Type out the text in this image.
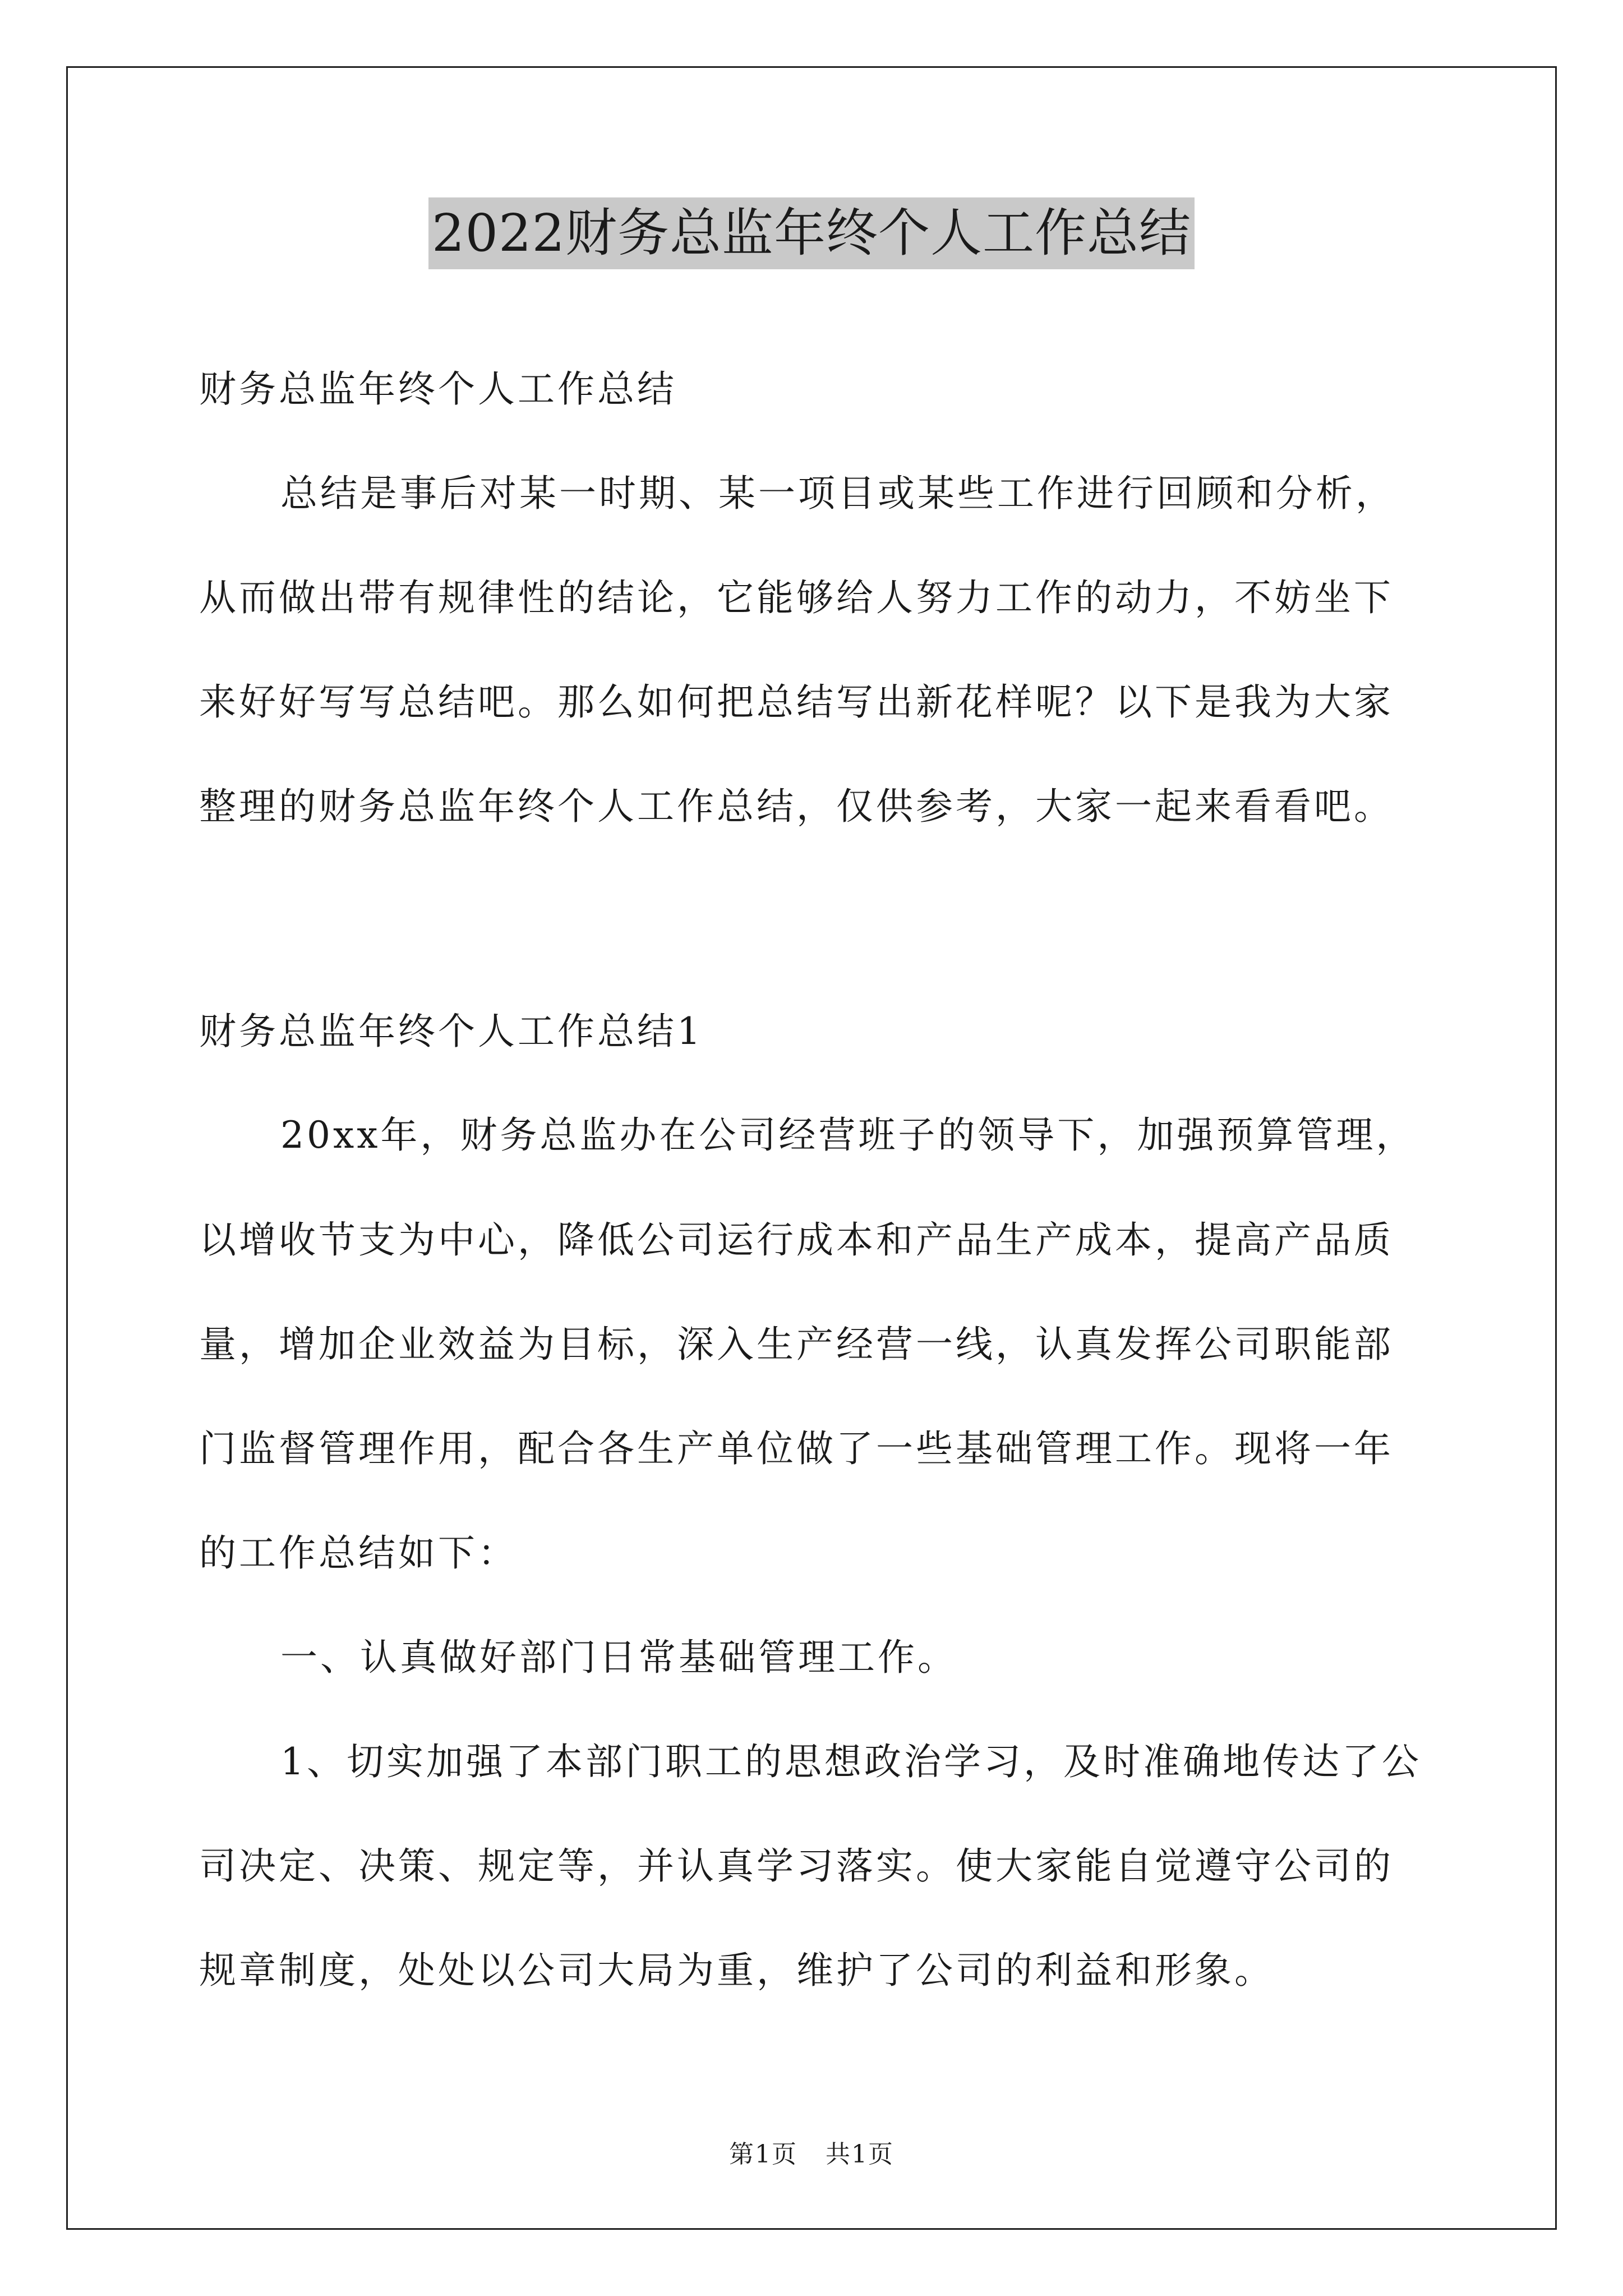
2022财务总监年终个人工作总结
财务总监年终个人工作总结
总结是事后对某一时期、某一项目或某些工作进行回顾和分析，
从而做出带有规律性的结论，它能够给人努力工作的动力，不妨坐下
来好好写写总结吧。那么如何把总结写出新花样呢？以下是我为大家
整理的财务总监年终个人工作总结，仅供参考，大家一起来看看吧。
财务总监年终个人工作总结1
20xx年，财务总监办在公司经营班子的领导下，加强预算管理，
以增收节支为中心，降低公司运行成本和产品生产成本，提高产品质
量，增加企业效益为目标，深入生产经营一线，认真发挥公司职能部
门监督管理作用，配合各生产单位做了一些基础管理工作。现将一年
的工作总结如下：
一、认真做好部门日常基础管理工作。
1、切实加强了本部门职工的思想政治学习，及时准确地传达了公
司决定、决策、规定等，并认真学习落实。使大家能自觉遵守公司的
规章制度，处处以公司大局为重，维护了公司的利益和形象。
第1页 共1页
